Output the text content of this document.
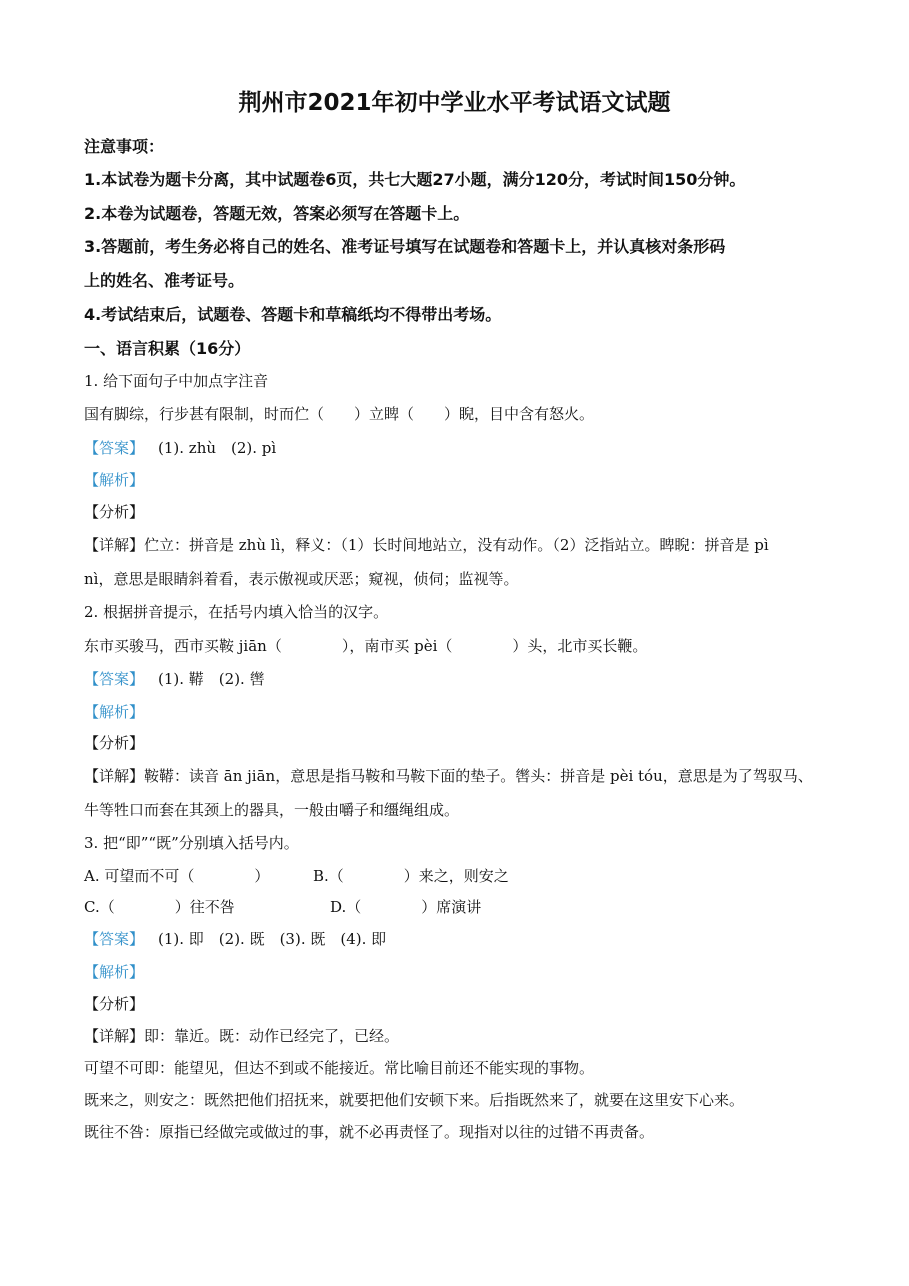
荆州市2021年初中学业水平考试语文试题
注意事项：
1.本试卷为题卡分离，其中试题卷6页，共七大题27小题，满分120分，考试时间150分钟。
2.本卷为试题卷，答题无效，答案必须写在答题卡上。
3.答题前，考生务必将自己的姓名、准考证号填写在试题卷和答题卡上，并认真核对条形码
上的姓名、准考证号。
4.考试结束后，试题卷、答题卡和草稿纸均不得带出考场。
一、语言积累（16分）
1. 给下面句子中加点字注音
国有脚综，行步甚有限制，时而伫（　　）立睥（　　）睨，目中含有怒火。
【答案】 (1). zhù　(2). pì
【解析】
【分析】
【详解】伫立：拼音是 zhù lì，释义：（1）长时间地站立，没有动作。（2）泛指站立。睥睨：拼音是 pì
nì，意思是眼睛斜着看，表示傲视或厌恶；窥视，侦伺；监视等。
2. 根据拼音提示，在括号内填入恰当的汉字。
东市买骏马，西市买鞍 jiān（　　　　），南市买 pèi（　　　　）头，北市买长鞭。
【答案】 (1). 鞯　(2). 辔
【解析】
【分析】
【详解】鞍鞯：读音 ān jiān，意思是指马鞍和马鞍下面的垫子。辔头：拼音是 pèi tóu，意思是为了驾驭马、
牛等牲口而套在其颈上的器具，一般由嚼子和缰绳组成。
3. 把“即”“既”分别填入括号内。
A. 可望而不可（　　　　）	B.（　　　　）来之，则安之
C.（　　　　）往不咎	D.（　　　　）席演讲
【答案】 (1). 即　(2). 既　(3). 既　(4). 即
【解析】
【分析】
【详解】即：靠近。既：动作已经完了，已经。
可望不可即：能望见，但达不到或不能接近。常比喻目前还不能实现的事物。
既来之，则安之：既然把他们招抚来，就要把他们安顿下来。后指既然来了，就要在这里安下心来。
既往不咎：原指已经做完或做过的事，就不必再责怪了。现指对以往的过错不再责备。
